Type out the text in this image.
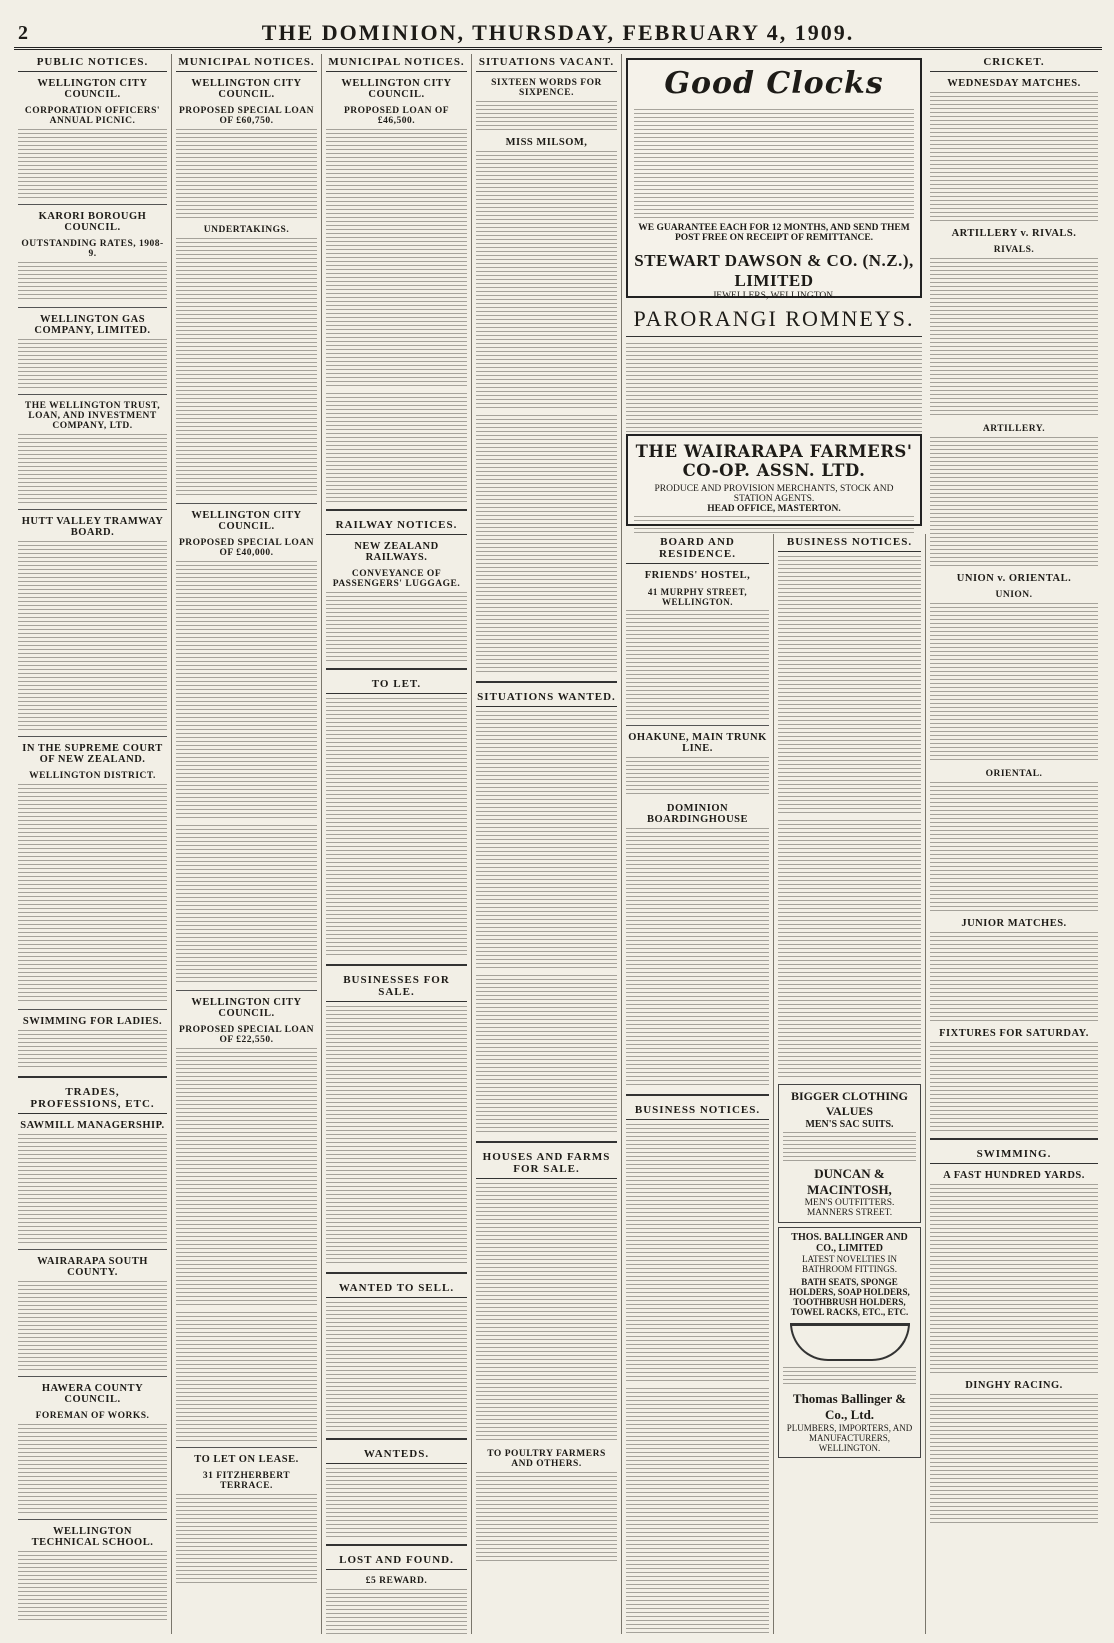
2	THE DOMINION, THURSDAY, FEBRUARY 4, 1909.
PUBLIC NOTICES.
WELLINGTON CITY COUNCIL.
CORPORATION OFFICERS' ANNUAL PICNIC.
KARORI BOROUGH COUNCIL.
OUTSTANDING RATES, 1908-9.
WELLINGTON GAS COMPANY, LIMITED.
THE WELLINGTON TRUST, LOAN, AND INVESTMENT COMPANY, LTD.
HUTT VALLEY TRAMWAY BOARD.
IN THE SUPREME COURT OF NEW ZEALAND.
WELLINGTON DISTRICT.
SWIMMING FOR LADIES.
TRADES, PROFESSIONS, ETC.
SAWMILL MANAGERSHIP.
WAIRARAPA SOUTH COUNTY.
HAWERA COUNTY COUNCIL.
FOREMAN OF WORKS.
WELLINGTON TECHNICAL SCHOOL.
MUNICIPAL NOTICES.
WELLINGTON CITY COUNCIL.
PROPOSED SPECIAL LOAN OF £60,750.
UNDERTAKINGS.
WELLINGTON CITY COUNCIL.
PROPOSED SPECIAL LOAN OF £40,000.
WELLINGTON CITY COUNCIL.
PROPOSED SPECIAL LOAN OF £22,550.
TO LET ON LEASE.
31 FITZHERBERT TERRACE.
MUNICIPAL NOTICES.
WELLINGTON CITY COUNCIL.
PROPOSED LOAN OF £46,500.
RAILWAY NOTICES.
NEW ZEALAND RAILWAYS.
CONVEYANCE OF PASSENGERS' LUGGAGE.
TO LET.
BUSINESSES FOR SALE.
WANTED TO SELL.
WANTEDS.
LOST AND FOUND.
£5 REWARD.
SITUATIONS VACANT.
SIXTEEN WORDS FOR SIXPENCE.
MISS MILSOM,
SITUATIONS WANTED.
HOUSES AND FARMS FOR SALE.
TO POULTRY FARMERS AND OTHERS.
Good Clocks
WE GUARANTEE EACH FOR 12 MONTHS, AND SEND THEM POST FREE ON RECEIPT OF REMITTANCE.
STEWART DAWSON & CO. (N.Z.), LIMITED
JEWELLERS, WELLINGTON.
PARORANGI ROMNEYS.
THE WAIRARAPA FARMERS' CO-OP. ASSN. LTD.
PRODUCE AND PROVISION MERCHANTS, STOCK AND STATION AGENTS.
HEAD OFFICE, MASTERTON.
BOARD AND RESIDENCE.
FRIENDS' HOSTEL,
41 MURPHY STREET, WELLINGTON.
OHAKUNE, MAIN TRUNK LINE.
DOMINION BOARDINGHOUSE
BUSINESS NOTICES.
BUSINESS NOTICES.
BIGGER CLOTHING VALUES
MEN'S SAC SUITS.
DUNCAN & MACINTOSH,
MEN'S OUTFITTERS.
MANNERS STREET.
THOS. BALLINGER AND CO., LIMITED
LATEST NOVELTIES IN BATHROOM FITTINGS.
BATH SEATS, SPONGE HOLDERS, SOAP HOLDERS, TOOTHBRUSH HOLDERS, TOWEL RACKS, ETC., ETC.
Thomas Ballinger & Co., Ltd.
PLUMBERS, IMPORTERS, AND MANUFACTURERS,
WELLINGTON.
CRICKET.
WEDNESDAY MATCHES.
ARTILLERY v. RIVALS.
RIVALS.
ARTILLERY.
UNION v. ORIENTAL.
UNION.
ORIENTAL.
JUNIOR MATCHES.
FIXTURES FOR SATURDAY.
SWIMMING.
A FAST HUNDRED YARDS.
DINGHY RACING.
